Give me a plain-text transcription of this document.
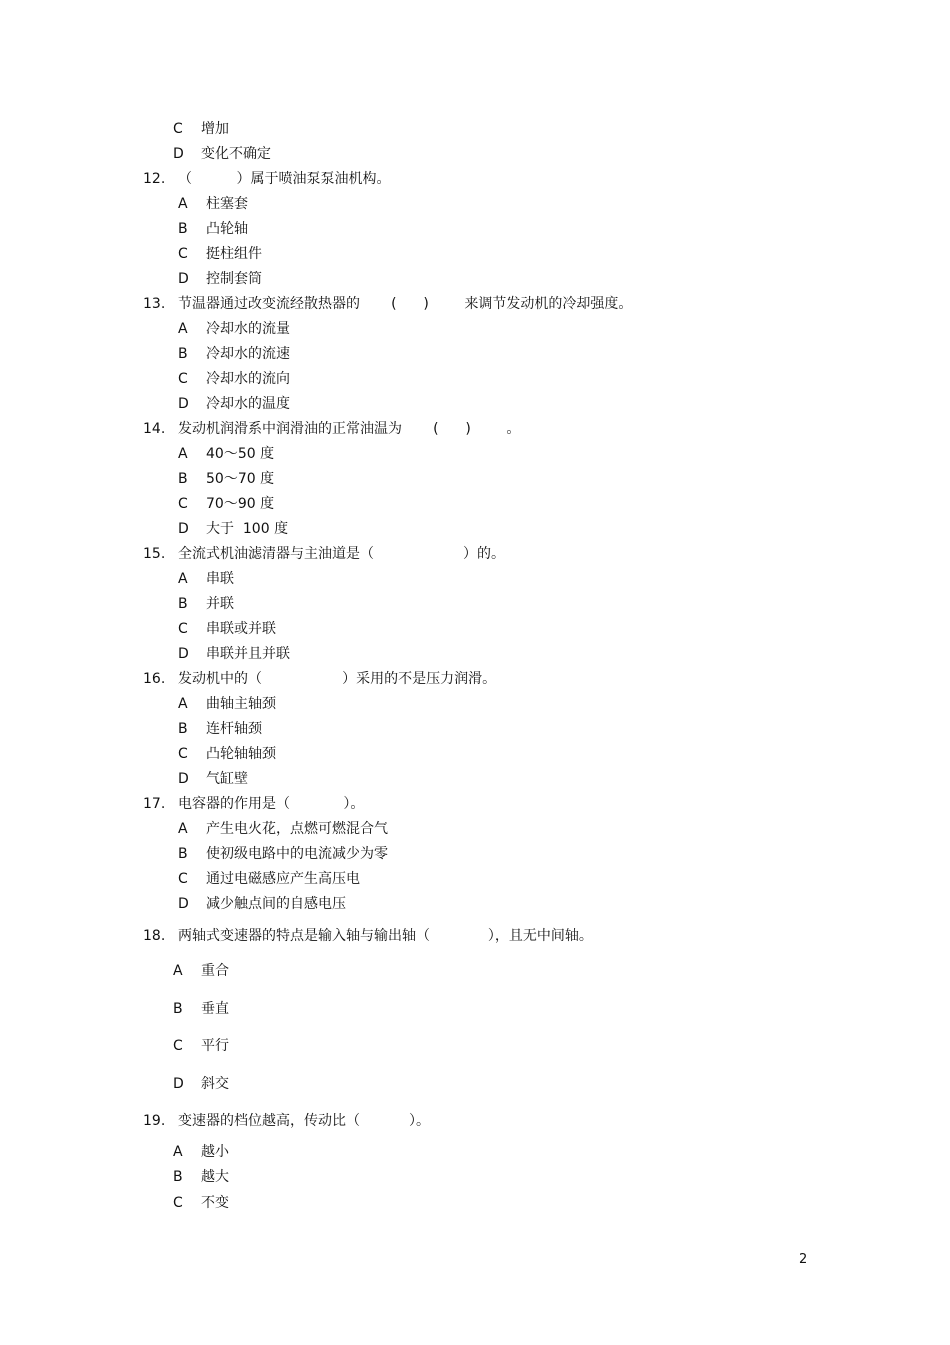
C 增加
D 变化不确定
12. （          ）属于喷油泵泵油机构。
A 柱塞套
B 凸轮轴
C 挺柱组件
D 控制套筒
13. 节温器通过改变流经散热器的       (      )        来调节发动机的冷却强度。
A 冷却水的流量
B 冷却水的流速
C 冷却水的流向
D 冷却水的温度
14. 发动机润滑系中润滑油的正常油温为       (      )        。
A 40～50 度
B 50～70 度
C 70～90 度
D 大于  100 度
15. 全流式机油滤清器与主油道是（                    ）的。
A 串联
B 并联
C 串联或并联
D 串联并且并联
16. 发动机中的（                  ）采用的不是压力润滑。
A 曲轴主轴颈
B 连杆轴颈
C 凸轮轴轴颈
D 气缸壁
17. 电容器的作用是（            ）。
A 产生电火花，点燃可燃混合气
B 使初级电路中的电流减少为零
C 通过电磁感应产生高压电
D 减少触点间的自感电压
18. 两轴式变速器的特点是输入轴与输出轴（             ），且无中间轴。
A 重合
B 垂直
C 平行
D 斜交
19. 变速器的档位越高，传动比（           ）。
A 越小
B 越大
C 不变
2
